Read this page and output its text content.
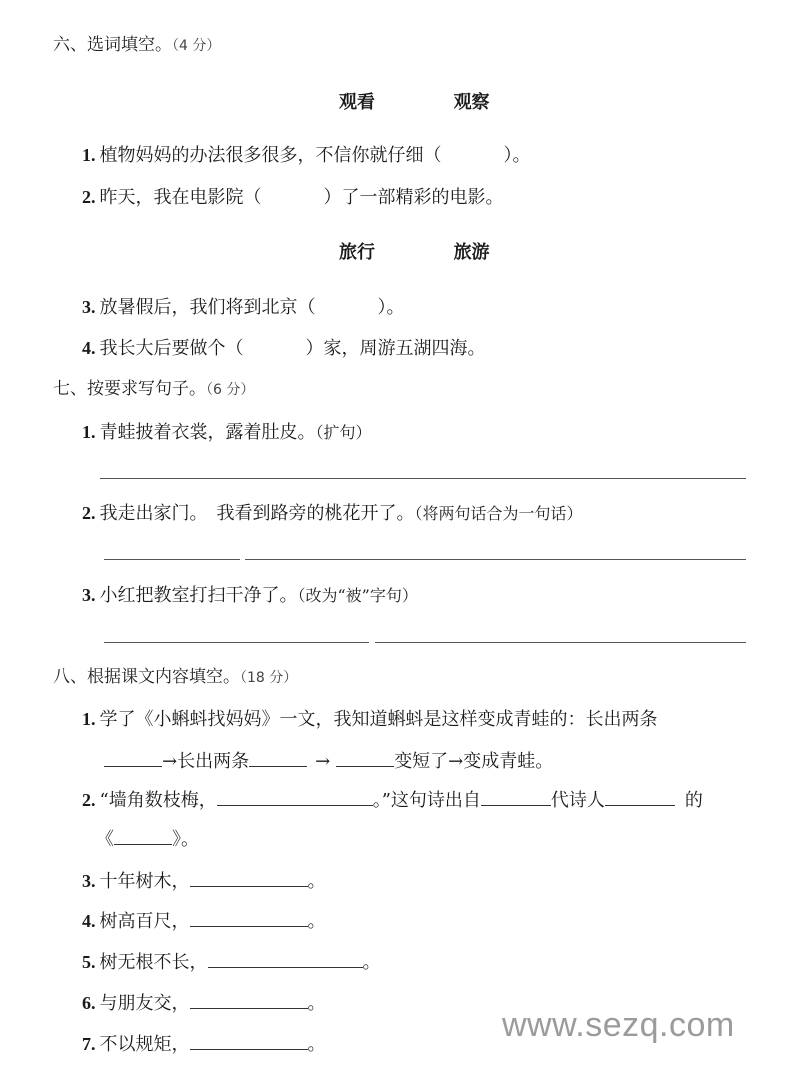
六、选词填空。（4 分）
观看	观察
1. 植物妈妈的办法很多很多，不信你就仔细（	）。
2. 昨天，我在电影院（	）了一部精彩的电影。
旅行	旅游
3. 放暑假后，我们将到北京（	）。
4. 我长大后要做个（	）家，周游五湖四海。
七、按要求写句子。（6 分）
1. 青蛙披着衣裳，露着肚皮。（扩句）
2. 我走出家门。　我看到路旁的桃花开了。（将两句话合为一句话）
3. 小红把教室打扫干净了。（改为“被”字句）
八、根据课文内容填空。（18 分）
1. 学了《小蝌蚪找妈妈》一文，我知道蝌蚪是这样变成青蛙的：长出两条
→长出两条	→	变短了→变成青蛙。
2. “墙角数枝梅，	。”这句诗出自	代诗人	的
《	》。
3. 十年树木，	。
4. 树高百尺，	。
5. 树无根不长，	。
6. 与朋友交，	。
7. 不以规矩，	。
www.sezq.com
